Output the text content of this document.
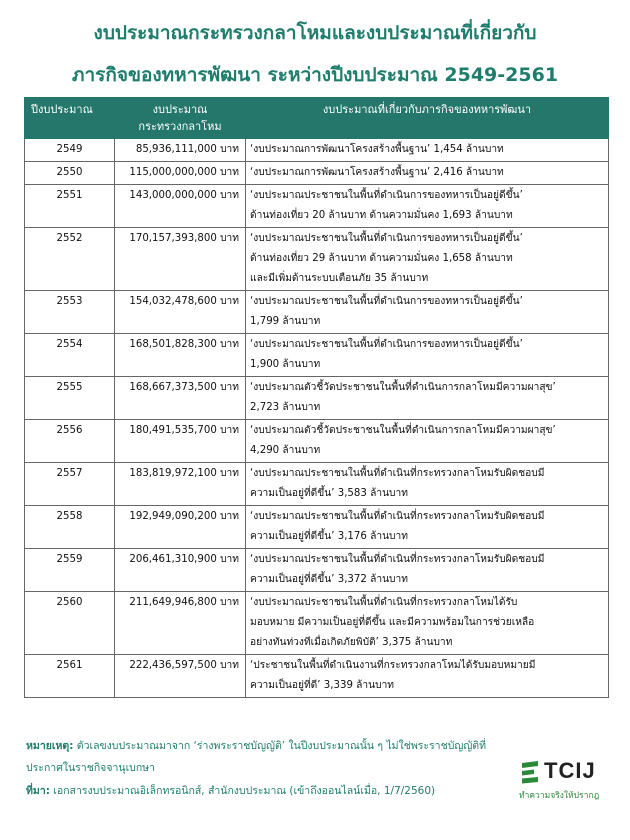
งบประมาณกระทรวงกลาโหมและงบประมาณที่เกี่ยวกับ
ภารกิจของทหารพัฒนา ระหว่างปีงบประมาณ 2549-2561
ปีงบประมาณ	งบประมาณ
กระทรวงกลาโหม	งบประมาณที่เกี่ยวกับภารกิจของทหารพัฒนา
2549	85,936,111,000 บาท	‘งบประมาณการพัฒนาโครงสร้างพื้นฐาน’ 1,454 ล้านบาท

2550	115,000,000,000 บาท	‘งบประมาณการพัฒนาโครงสร้างพื้นฐาน’ 2,416 ล้านบาท

2551	143,000,000,000 บาท	‘งบประมาณประชาชนในพื้นที่ดำเนินการของทหารเป็นอยู่ดีขึ้น’
ด้านท่องเที่ยว 20 ล้านบาท ด้านความมั่นคง 1,693 ล้านบาท

2552	170,157,393,800 บาท	‘งบประมาณประชาชนในพื้นที่ดำเนินการของทหารเป็นอยู่ดีขึ้น’
ด้านท่องเที่ยว 29 ล้านบาท ด้านความมั่นคง 1,658 ล้านบาท
และมีเพิ่มด้านระบบเตือนภัย 35 ล้านบาท

2553	154,032,478,600 บาท	‘งบประมาณประชาชนในพื้นที่ดำเนินการของทหารเป็นอยู่ดีขึ้น’
1,799 ล้านบาท

2554	168,501,828,300 บาท	‘งบประมาณประชาชนในพื้นที่ดำเนินการของทหารเป็นอยู่ดีขึ้น’
1,900 ล้านบาท

2555	168,667,373,500 บาท	‘งบประมาณตัวชี้วัดประชาชนในพื้นที่ดำเนินการกลาโหมมีความผาสุข’
2,723 ล้านบาท

2556	180,491,535,700 บาท	‘งบประมาณตัวชี้วัดประชาชนในพื้นที่ดำเนินการกลาโหมมีความผาสุข’
4,290 ล้านบาท

2557	183,819,972,100 บาท	‘งบประมาณประชาชนในพื้นที่ดำเนินที่กระทรวงกลาโหมรับผิดชอบมี
ความเป็นอยู่ที่ดีขึ้น’ 3,583 ล้านบาท

2558	192,949,090,200 บาท	‘งบประมาณประชาชนในพื้นที่ดำเนินที่กระทรวงกลาโหมรับผิดชอบมี
ความเป็นอยู่ที่ดีขึ้น’ 3,176 ล้านบาท

2559	206,461,310,900 บาท	‘งบประมาณประชาชนในพื้นที่ดำเนินที่กระทรวงกลาโหมรับผิดชอบมี
ความเป็นอยู่ที่ดีขึ้น’ 3,372 ล้านบาท

2560	211,649,946,800 บาท	‘งบประมาณประชาชนในพื้นที่ดำเนินที่กระทรวงกลาโหมได้รับ
มอบหมาย มีความเป็นอยู่ที่ดีขึ้น และมีความพร้อมในการช่วยเหลือ
อย่างทันท่วงทีเมื่อเกิดภัยพิบัติ’ 3,375 ล้านบาท

2561	222,436,597,500 บาท	‘ประชาชนในพื้นที่ดำเนินงานที่กระทรวงกลาโหมได้รับมอบหมายมี
ความเป็นอยู่ที่ดี’ 3,339 ล้านบาท
หมายเหตุ: ตัวเลขงบประมาณมาจาก ‘ร่างพระราชบัญญัติ’ ในปีงบประมาณนั้น ๆ ไม่ใช่พระราชบัญญัติที่
ประกาศในราชกิจจานุเบกษา
ที่มา: เอกสารงบประมาณอิเล็กทรอนิกส์, สำนักงบประมาณ (เข้าถึงออนไลน์เมื่อ, 1/7/2560)
TCIJ
ทำความจริงให้ปรากฎ
